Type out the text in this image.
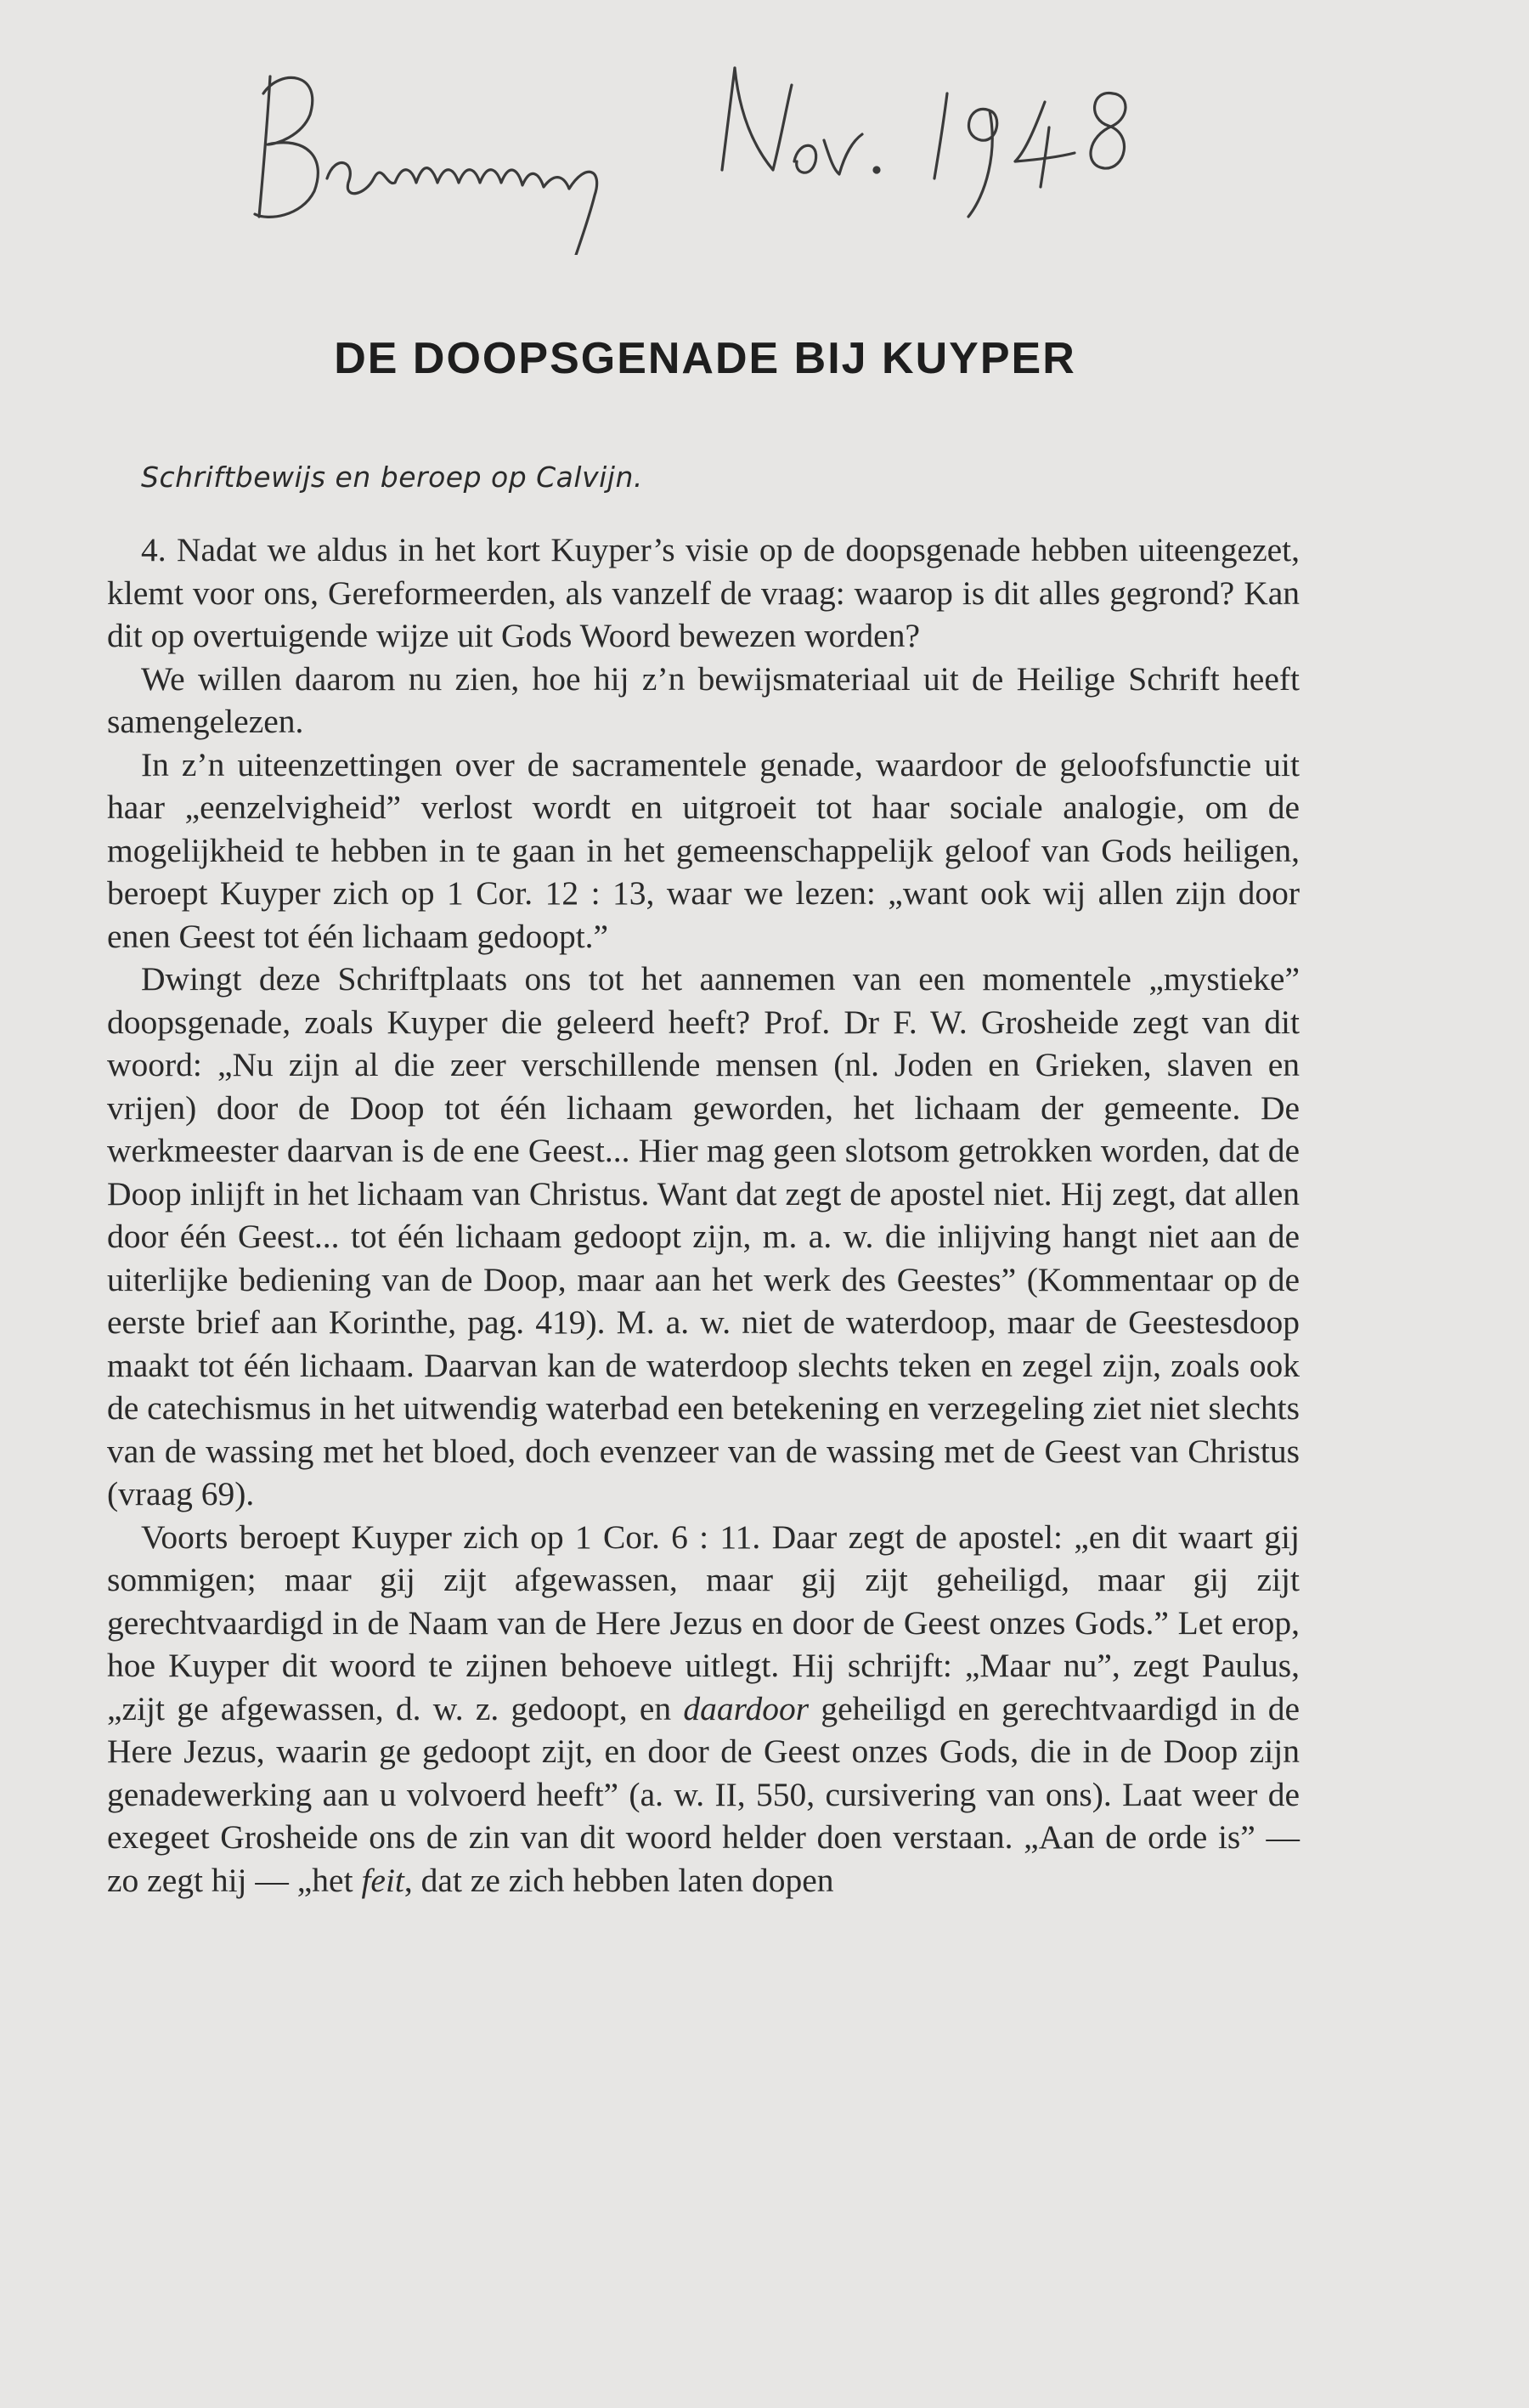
DE DOOPSGENADE BIJ KUYPER
Schriftbewijs en beroep op Calvijn.

4. Nadat we aldus in het kort Kuyper’s visie op de doopsgenade hebben uiteengezet, klemt voor ons, Gereformeerden, als vanzelf de vraag: waarop is dit alles gegrond? Kan dit op overtuigende wijze uit Gods Woord bewezen worden?

We willen daarom nu zien, hoe hij z’n bewijsmateriaal uit de Heilige Schrift heeft samengelezen.

In z’n uiteenzettingen over de sacramentele genade, waardoor de geloofsfunctie uit haar „eenzelvigheid” verlost wordt en uitgroeit tot haar sociale analogie, om de mogelijkheid te hebben in te gaan in het gemeenschappelijk geloof van Gods heiligen, beroept Kuyper zich op 1 Cor. 12 : 13, waar we lezen: „want ook wij allen zijn door enen Geest tot één lichaam gedoopt.”

Dwingt deze Schriftplaats ons tot het aannemen van een momentele „mystieke” doopsgenade, zoals Kuyper die geleerd heeft? Prof. Dr F. W. Grosheide zegt van dit woord: „Nu zijn al die zeer verschillende mensen (nl. Joden en Grieken, slaven en vrijen) door de Doop tot één lichaam geworden, het lichaam der gemeente. De werkmeester daarvan is de ene Geest... Hier mag geen slotsom getrokken worden, dat de Doop inlijft in het lichaam van Christus. Want dat zegt de apostel niet. Hij zegt, dat allen door één Geest... tot één lichaam gedoopt zijn, m. a. w. die inlijving hangt niet aan de uiterlijke bediening van de Doop, maar aan het werk des Geestes” (Kommentaar op de eerste brief aan Korinthe, pag. 419). M. a. w. niet de waterdoop, maar de Geestesdoop maakt tot één lichaam. Daarvan kan de waterdoop slechts teken en zegel zijn, zoals ook de catechismus in het uitwendig waterbad een betekening en verzegeling ziet niet slechts van de wassing met het bloed, doch evenzeer van de wassing met de Geest van Christus (vraag 69).

Voorts beroept Kuyper zich op 1 Cor. 6 : 11. Daar zegt de apostel: „en dit waart gij sommigen; maar gij zijt afgewassen, maar gij zijt geheiligd, maar gij zijt gerechtvaardigd in de Naam van de Here Jezus en door de Geest onzes Gods.” Let erop, hoe Kuyper dit woord te zijnen behoeve uitlegt. Hij schrijft: „Maar nu”, zegt Paulus, „zijt ge afgewassen, d. w. z. gedoopt, en daardoor geheiligd en gerechtvaardigd in de Here Jezus, waarin ge gedoopt zijt, en door de Geest onzes Gods, die in de Doop zijn genadewerking aan u volvoerd heeft” (a. w. II, 550, cursivering van ons). Laat weer de exegeet Grosheide ons de zin van dit woord helder doen verstaan. „Aan de orde is” — zo zegt hij — „het feit, dat ze zich hebben laten dopen
